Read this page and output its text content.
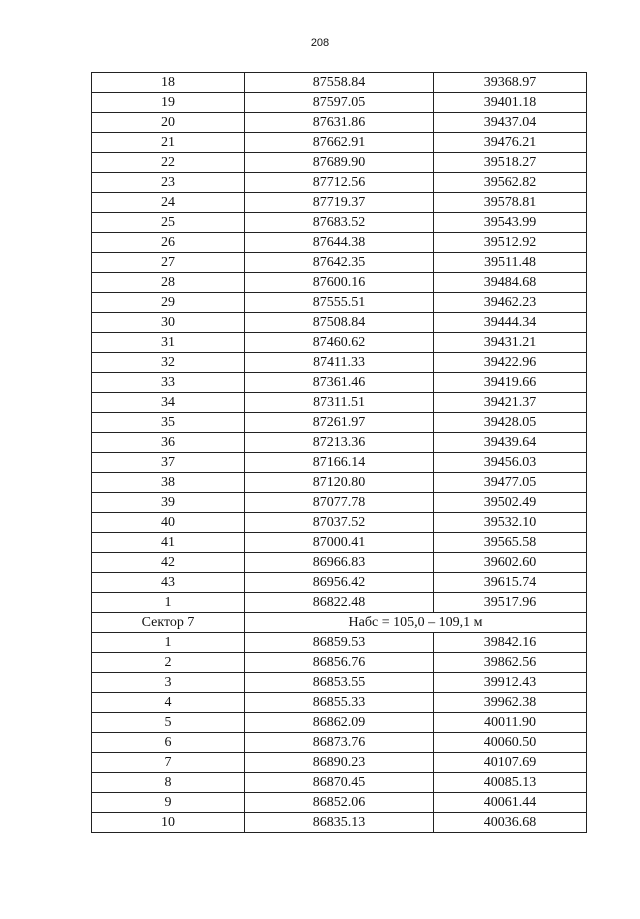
208
18	87558.84	39368.97
19	87597.05	39401.18
20	87631.86	39437.04
21	87662.91	39476.21
22	87689.90	39518.27
23	87712.56	39562.82
24	87719.37	39578.81
25	87683.52	39543.99
26	87644.38	39512.92
27	87642.35	39511.48
28	87600.16	39484.68
29	87555.51	39462.23
30	87508.84	39444.34
31	87460.62	39431.21
32	87411.33	39422.96
33	87361.46	39419.66
34	87311.51	39421.37
35	87261.97	39428.05
36	87213.36	39439.64
37	87166.14	39456.03
38	87120.80	39477.05
39	87077.78	39502.49
40	87037.52	39532.10
41	87000.41	39565.58
42	86966.83	39602.60
43	86956.42	39615.74
1	86822.48	39517.96
Сектор 7	Набс = 105,0 – 109,1 м	
1	86859.53	39842.16
2	86856.76	39862.56
3	86853.55	39912.43
4	86855.33	39962.38
5	86862.09	40011.90
6	86873.76	40060.50
7	86890.23	40107.69
8	86870.45	40085.13
9	86852.06	40061.44
10	86835.13	40036.68
